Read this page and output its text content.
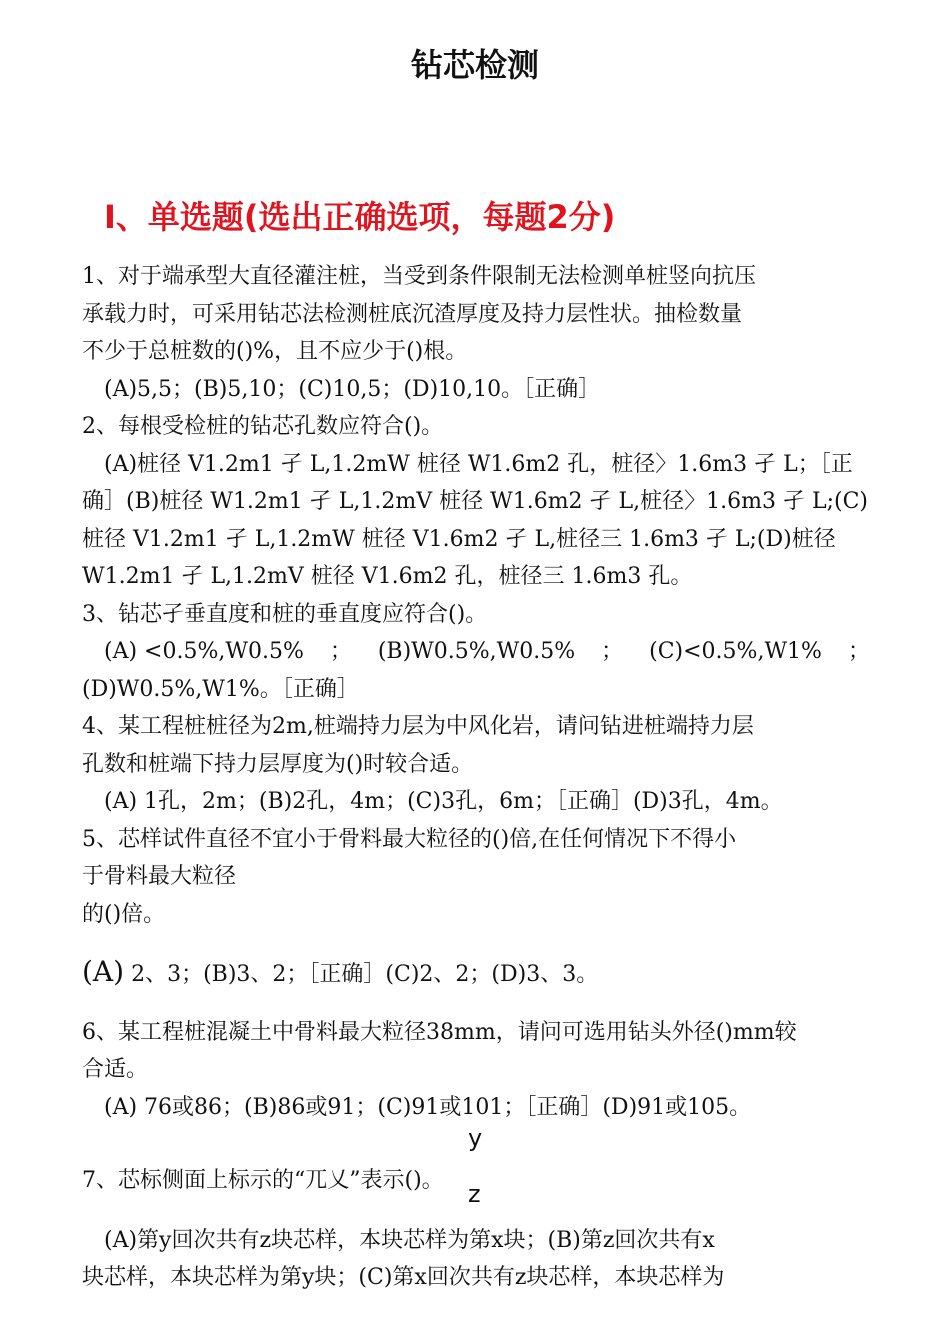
钻芯检测
I、单选题(选出正确选项，每题2分)

1、对于端承型大直径灌注桩，当受到条件限制无法检测单桩竖向抗压

承载力时，可采用钻芯法检测桩底沉渣厚度及持力层性状。抽检数量

不少于总桩数的()%，且不应少于()根。

(A)5,5；(B)5,10；(C)10,5；(D)10,10。［正确］

2、每根受检桩的钻芯孔数应符合()。

(A)桩径 V1.2m1 孑 L,1.2mW 桩径 W1.6m2 孔，桩径〉1.6m3 孑 L；［正

确］(B)桩径 W1.2m1 孑 L,1.2mV 桩径 W1.6m2 孑 L,桩径〉1.6m3 孑 L;(C)

桩径 V1.2m1 孑 L,1.2mW 桩径 V1.6m2 孑 L,桩径三 1.6m3 孑 L;(D)桩径

W1.2m1 孑 L,1.2mV 桩径 V1.6m2 孔，桩径三 1.6m3 孔。

3、钻芯孑垂直度和桩的垂直度应符合()。

(A) <0.5%,W0.5% ； (B)W0.5%,W0.5% ； (C)<0.5%,W1% ；

(D)W0.5%,W1%。［正确］

4、某工程桩桩径为2m,桩端持力层为中风化岩，请问钻进桩端持力层

孔数和桩端下持力层厚度为()时较合适。

(A) 1孔，2m；(B)2孔，4m；(C)3孔，6m；［正确］(D)3孔，4m。

5、芯样试件直径不宜小于骨料最大粒径的()倍,在任何情况下不得小

于骨料最大粒径

的()倍。

(A) 2、3；(B)3、2；［正确］(C)2、2；(D)3、3。

6、某工程桩混凝土中骨料最大粒径38mm，请问可选用钻头外径()mm较

合适。

(A) 76或86；(B)86或91；(C)91或101；［正确］(D)91或105。

y

7、芯标侧面上标示的“兀乂”表示()。	z

(A)第y回次共有z块芯样，本块芯样为第x块；(B)第z回次共有x

块芯样，本块芯样为第y块；(C)第x回次共有z块芯样，本块芯样为
